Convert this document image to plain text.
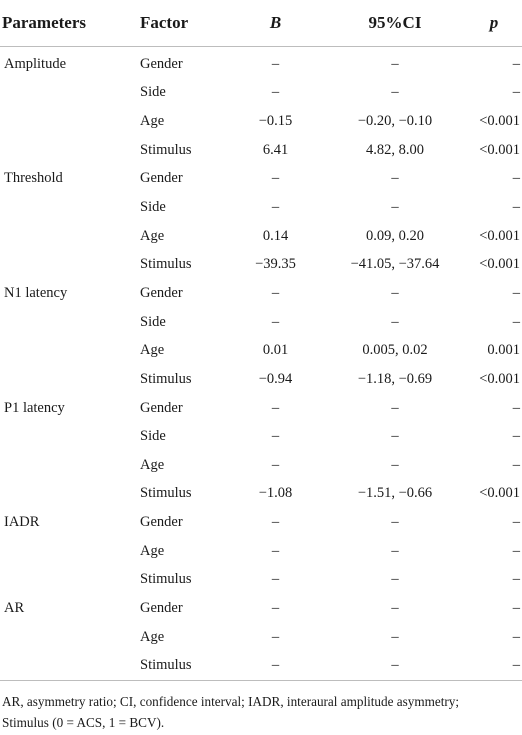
Parameters	Factor	B	95%CI	p
Amplitude	Gender	–	–	–
	Side	–	–	–
	Age	−0.15	−0.20, −0.10	<0.001
	Stimulus	6.41	4.82, 8.00	<0.001
Threshold	Gender	–	–	–
	Side	–	–	–
	Age	0.14	0.09, 0.20	<0.001
	Stimulus	−39.35	−41.05, −37.64	<0.001
N1 latency	Gender	–	–	–
	Side	–	–	–
	Age	0.01	0.005, 0.02	0.001
	Stimulus	−0.94	−1.18, −0.69	<0.001
P1 latency	Gender	–	–	–
	Side	–	–	–
	Age	–	–	–
	Stimulus	−1.08	−1.51, −0.66	<0.001
IADR	Gender	–	–	–
	Age	–	–	–
	Stimulus	–	–	–
AR	Gender	–	–	–
	Age	–	–	–
	Stimulus	–	–	–
AR, asymmetry ratio; CI, confidence interval; IADR, interaural amplitude asymmetry;
Stimulus (0 = ACS, 1 = BCV).
